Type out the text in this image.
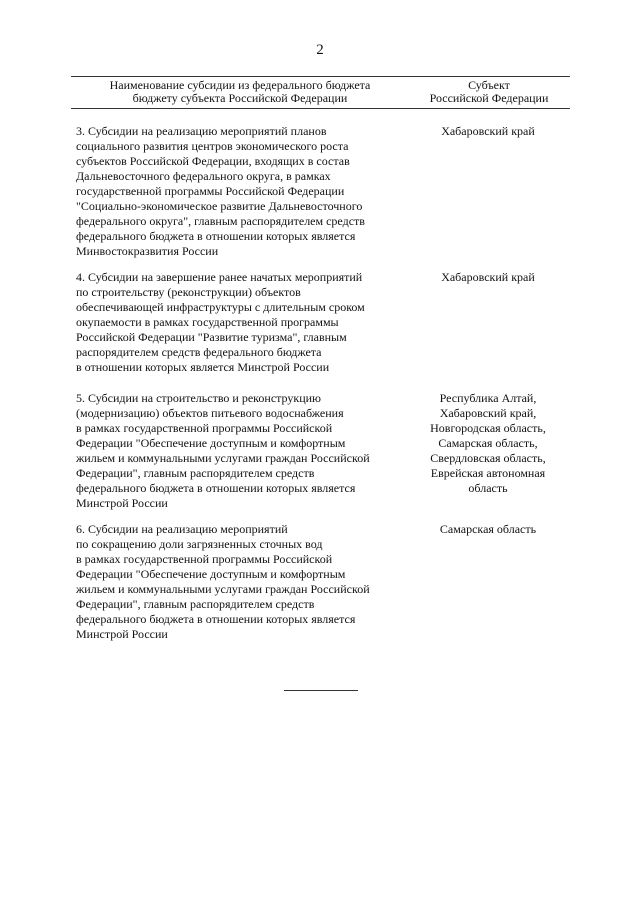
2
Наименование субсидии из федерального бюджета
бюджету субъекта Российской Федерации
Субъект
Российской Федерации
3. Субсидии на реализацию мероприятий планов
социального развития центров экономического роста
субъектов Российской Федерации, входящих в состав
Дальневосточного федерального округа, в рамках
государственной программы Российской Федерации
"Социально-экономическое развитие Дальневосточного
федерального округа", главным распорядителем средств
федерального бюджета в отношении которых является
Минвостокразвития России
Хабаровский край
4. Субсидии на завершение ранее начатых мероприятий
по строительству (реконструкции) объектов
обеспечивающей инфраструктуры с длительным сроком
окупаемости в рамках государственной программы
Российской Федерации "Развитие туризма", главным
распорядителем средств федерального бюджета
в отношении которых является Минстрой России
Хабаровский край
5. Субсидии на строительство и реконструкцию
(модернизацию) объектов питьевого водоснабжения
в рамках государственной программы Российской
Федерации "Обеспечение доступным и комфортным
жильем и коммунальными услугами граждан Российской
Федерации", главным распорядителем средств
федерального бюджета в отношении которых является
Минстрой России
Республика Алтай,
Хабаровский край,
Новгородская область,
Самарская область,
Свердловская область,
Еврейская автономная
область
6. Субсидии на реализацию мероприятий
по сокращению доли загрязненных сточных вод
в рамках государственной программы Российской
Федерации "Обеспечение доступным и комфортным
жильем и коммунальными услугами граждан Российской
Федерации", главным распорядителем средств
федерального бюджета в отношении которых является
Минстрой России
Самарская область
